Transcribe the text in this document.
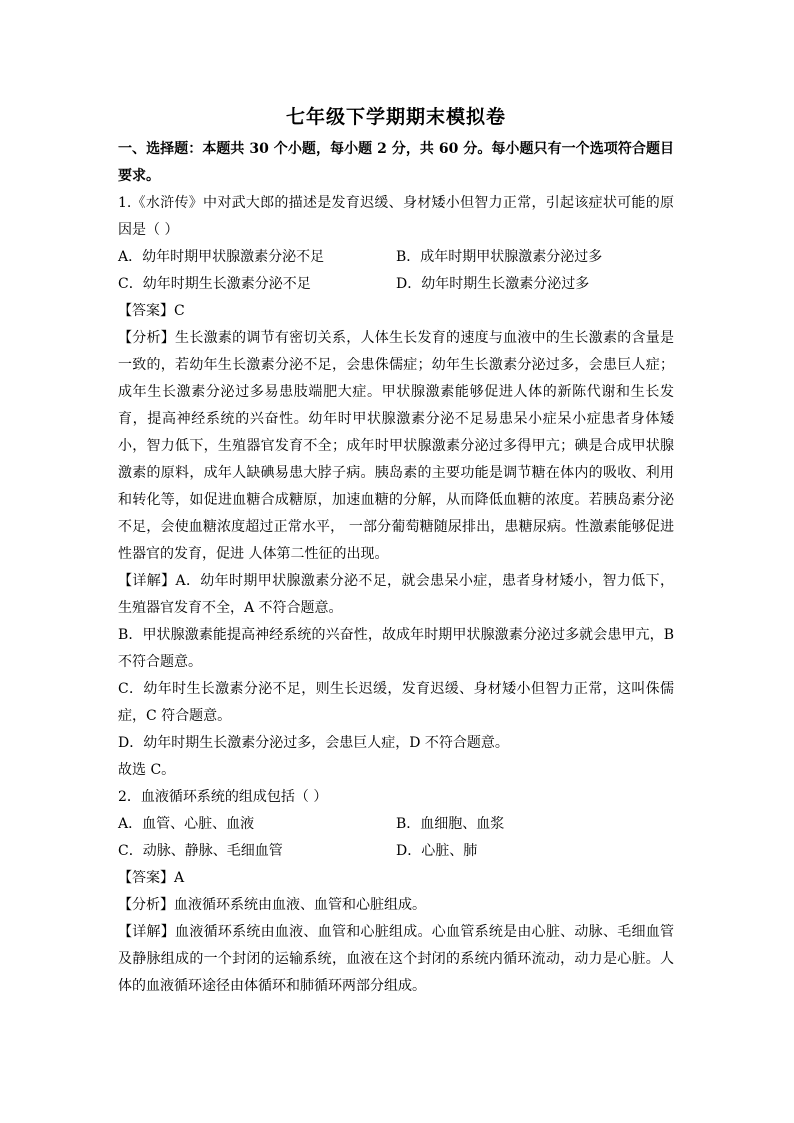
七年级下学期期末模拟卷

一、选择题：本题共 30 个小题，每小题 2 分，共 60 分。每小题只有一个选项符合题目要求。

1.《水浒传》中对武大郎的描述是发育迟缓、身材矮小但智力正常，引起该症状可能的原因是（ ）

A．幼年时期甲状腺激素分泌不足	B．成年时期甲状腺激素分泌过多
C．幼年时期生长激素分泌不足	D．幼年时期生长激素分泌过多

【答案】C

【分析】生长激素的调节有密切关系，人体生长发育的速度与血液中的生长激素的含量是一致的，若幼年生长激素分泌不足，会患侏儒症；幼年生长激素分泌过多，会患巨人症；成年生长激素分泌过多易患肢端肥大症。甲状腺激素能够促进人体的新陈代谢和生长发育，提高神经系统的兴奋性。幼年时甲状腺激素分泌不足易患呆小症呆小症患者身体矮小，智力低下，生殖器官发育不全；成年时甲状腺激素分泌过多得甲亢；碘是合成甲状腺激素的原料，成年人缺碘易患大脖子病。胰岛素的主要功能是调节糖在体内的吸收、利用和转化等，如促进血糖合成糖原，加速血糖的分解，从而降低血糖的浓度。若胰岛素分泌不足，会使血糖浓度超过正常水平， 一部分葡萄糖随尿排出，患糖尿病。性激素能够促进性器官的发育，促进 人体第二性征的出现。

【详解】A．幼年时期甲状腺激素分泌不足，就会患呆小症，患者身材矮小，智力低下，生殖器官发育不全，A 不符合题意。

B．甲状腺激素能提高神经系统的兴奋性，故成年时期甲状腺激素分泌过多就会患甲亢，B 不符合题意。

C．幼年时生长激素分泌不足，则生长迟缓，发育迟缓、身材矮小但智力正常，这叫侏儒症，C 符合题意。

D．幼年时期生长激素分泌过多，会患巨人症，D 不符合题意。

故选 C。

2．血液循环系统的组成包括（ ）

A．血管、心脏、血液	B．血细胞、血浆
C．动脉、静脉、毛细血管	D．心脏、肺

【答案】A

【分析】血液循环系统由血液、血管和心脏组成。

【详解】血液循环系统由血液、血管和心脏组成。心血管系统是由心脏、动脉、毛细血管及静脉组成的一个封闭的运输系统，血液在这个封闭的系统内循环流动，动力是心脏。人体的血液循环途径由体循环和肺循环两部分组成。
